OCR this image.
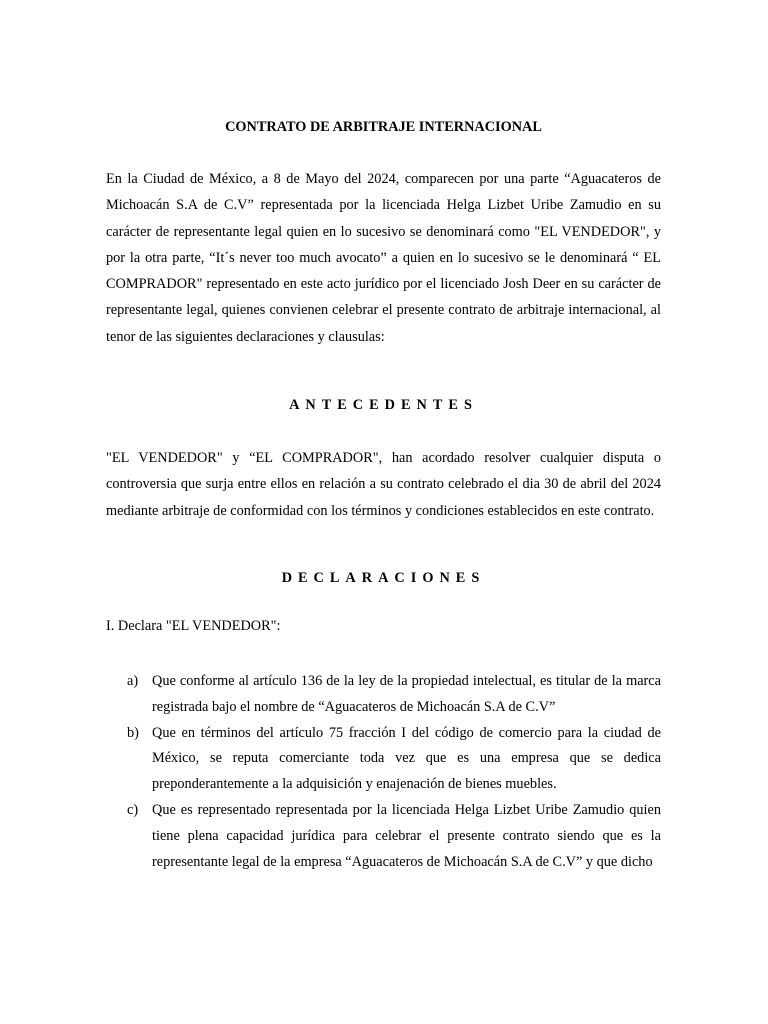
CONTRATO DE ARBITRAJE INTERNACIONAL

En la Ciudad de México, a 8 de Mayo del 2024, comparecen por una parte “Aguacateros de Michoacán S.A de C.V” representada por la licenciada Helga Lizbet Uribe Zamudio en su carácter de representante legal quien en lo sucesivo se denominará como "EL VENDEDOR", y por la otra parte, “It´s never too much avocato” a quien en lo sucesivo se le denominará “ EL COMPRADOR" representado en este acto jurídico por el licenciado Josh Deer en su carácter de representante legal, quienes convienen celebrar el presente contrato de arbitraje internacional, al tenor de las siguientes declaraciones y clausulas:

ANTECEDENTES

"EL VENDEDOR" y “EL COMPRADOR", han acordado resolver cualquier disputa o controversia que surja entre ellos en relación a su contrato celebrado el dia 30 de abril del 2024 mediante arbitraje de conformidad con los términos y condiciones establecidos en este contrato.

DECLARACIONES

I. Declara "EL VENDEDOR":

a) Que conforme al artículo 136 de la ley de la propiedad intelectual, es titular de la marca registrada bajo el nombre de “Aguacateros de Michoacán S.A de C.V”
b) Que en términos del artículo 75 fracción I del código de comercio para la ciudad de México, se reputa comerciante toda vez que es una empresa que se dedica preponderantemente a la adquisición y enajenación de bienes muebles.
c) Que es representado representada por la licenciada Helga Lizbet Uribe Zamudio quien tiene plena capacidad jurídica para celebrar el presente contrato siendo que es la representante legal de la empresa “Aguacateros de Michoacán S.A de C.V” y que dicho
